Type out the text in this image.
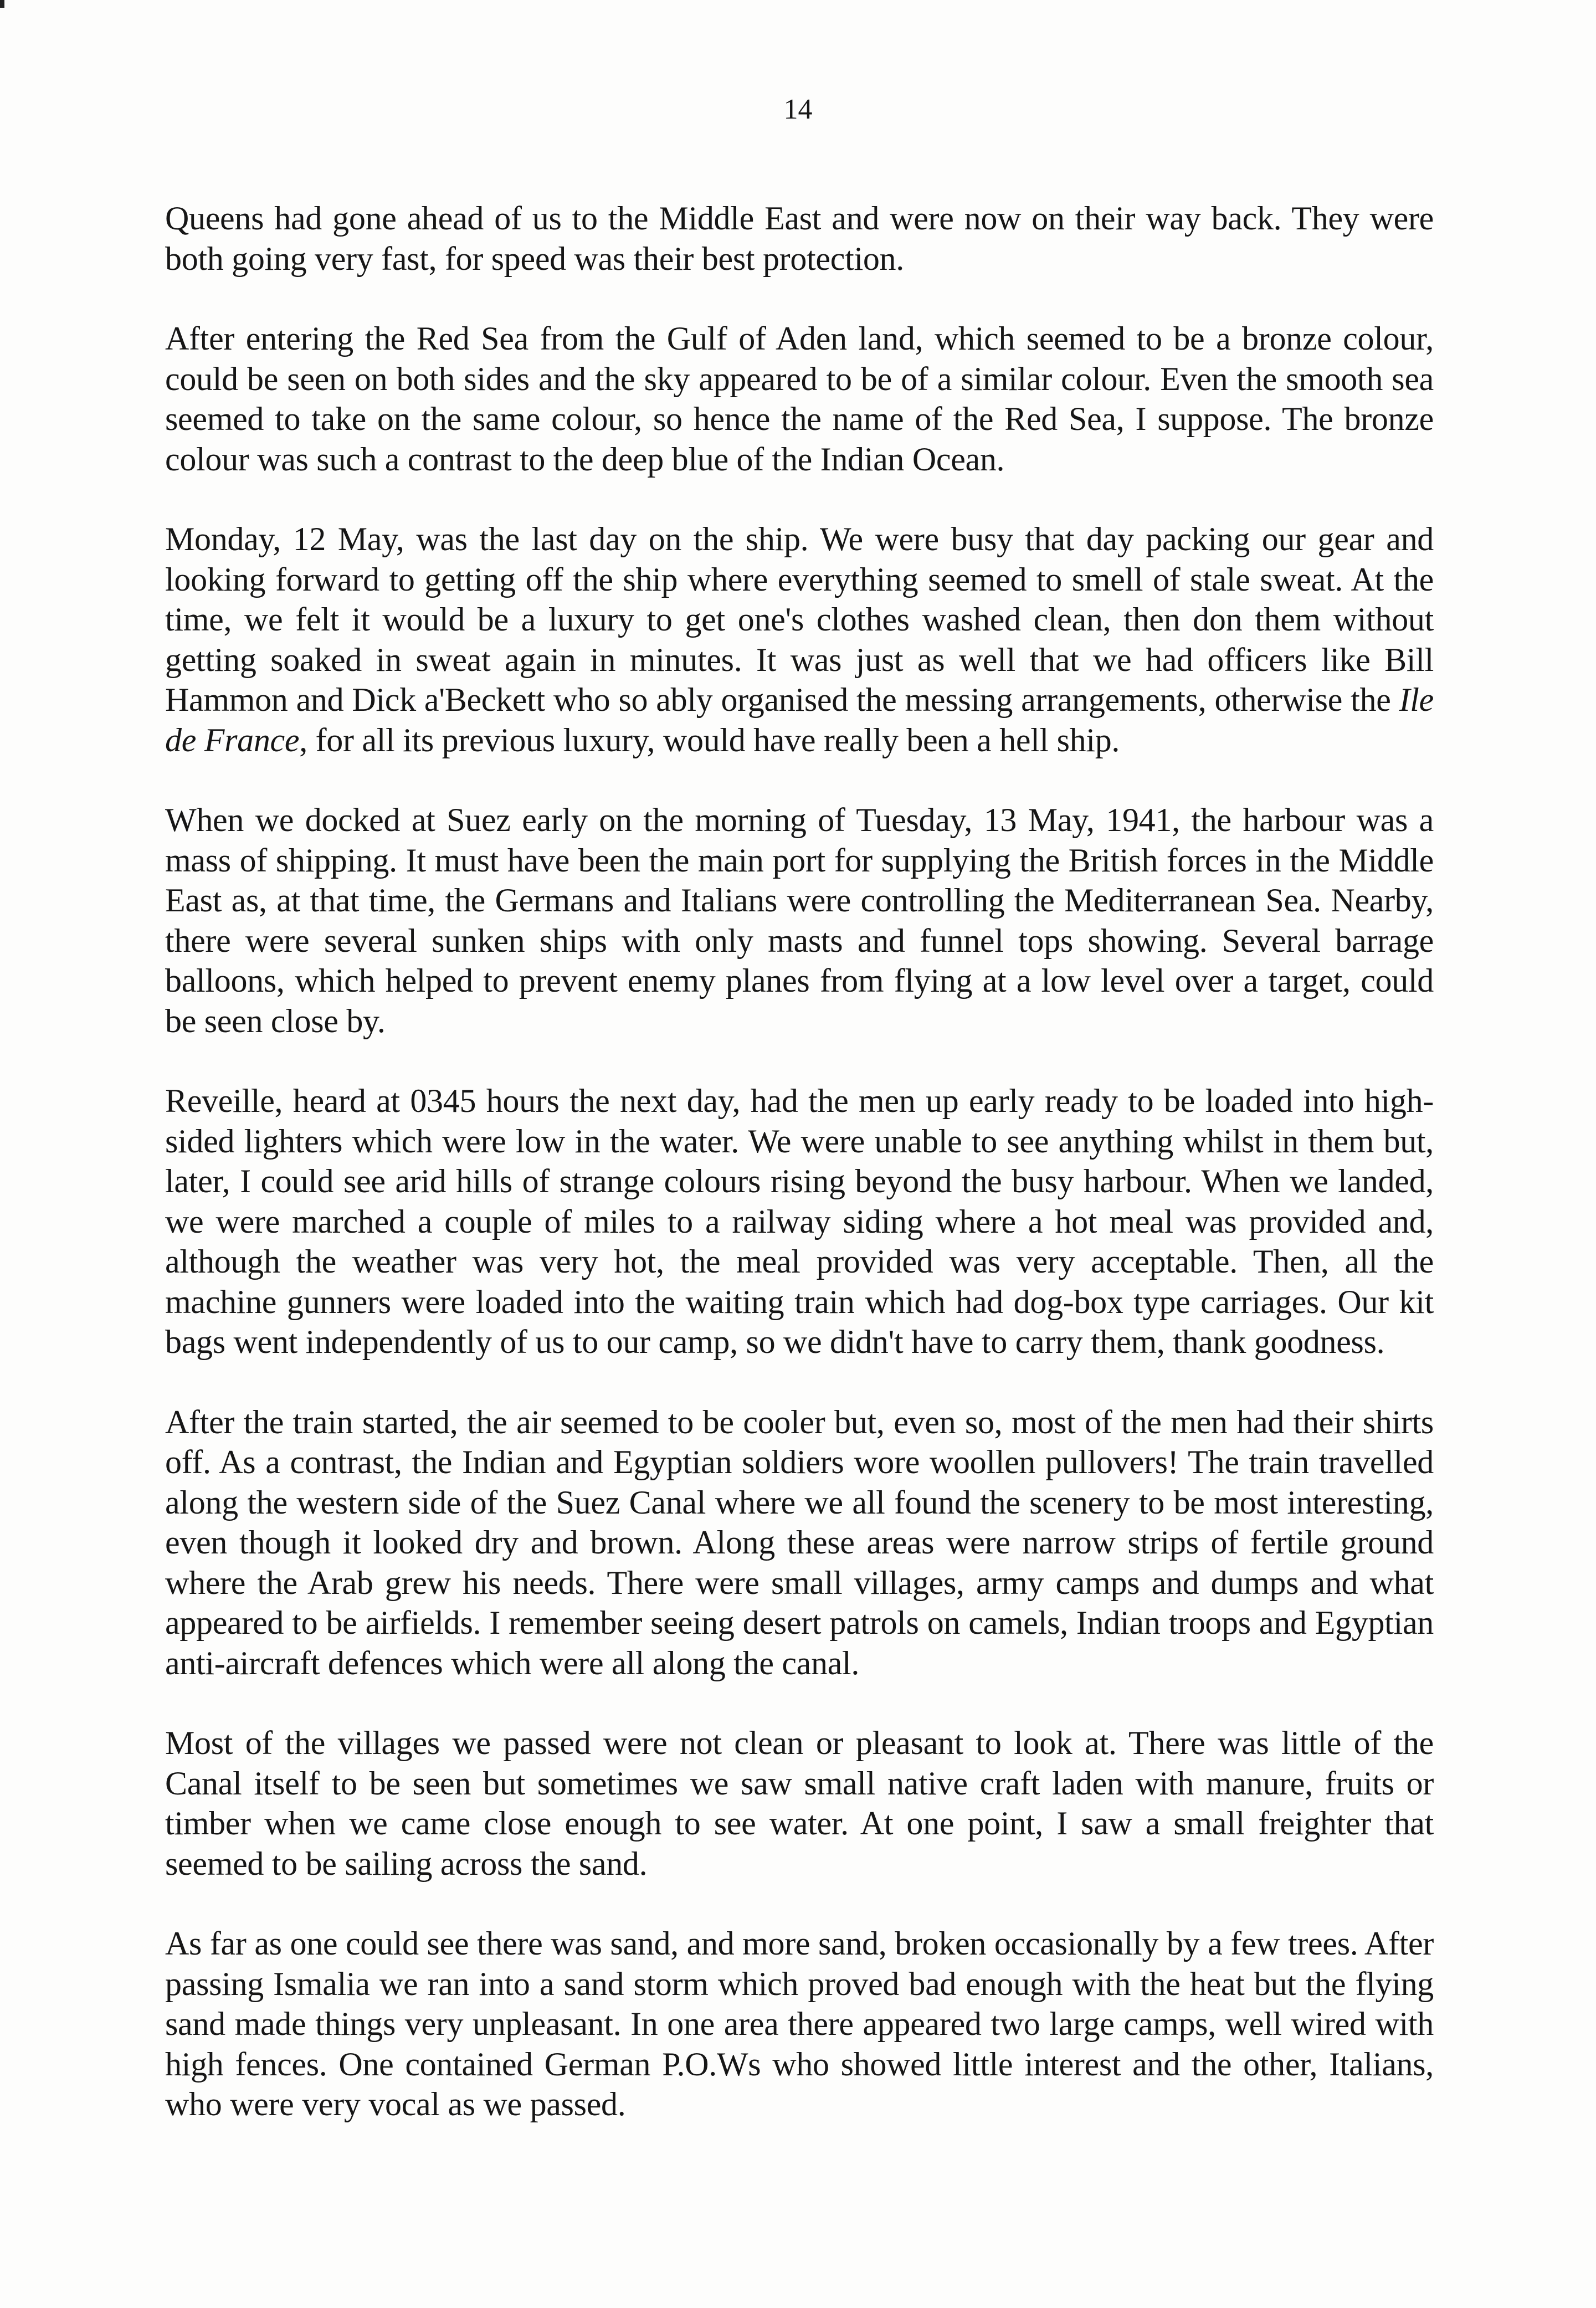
14

Queens had gone ahead of us to the Middle East and were now on their way back. They were both going very fast, for speed was their best protection.

After entering the Red Sea from the Gulf of Aden land, which seemed to be a bronze colour, could be seen on both sides and the sky appeared to be of a similar colour. Even the smooth sea seemed to take on the same colour, so hence the name of the Red Sea, I suppose. The bronze colour was such a contrast to the deep blue of the Indian Ocean.

Monday, 12 May, was the last day on the ship. We were busy that day packing our gear and looking forward to getting off the ship where everything seemed to smell of stale sweat. At the time, we felt it would be a luxury to get one's clothes washed clean, then don them without getting soaked in sweat again in minutes. It was just as well that we had officers like Bill Hammon and Dick a'Beckett who so ably organised the messing arrangements, otherwise the Ile de France, for all its previous luxury, would have really been a hell ship.

When we docked at Suez early on the morning of Tuesday, 13 May, 1941, the harbour was a mass of shipping. It must have been the main port for supplying the British forces in the Middle East as, at that time, the Germans and Italians were controlling the Mediterranean Sea. Nearby, there were several sunken ships with only masts and funnel tops showing. Several barrage balloons, which helped to prevent enemy planes from flying at a low level over a target, could be seen close by.

Reveille, heard at 0345 hours the next day, had the men up early ready to be loaded into high-sided lighters which were low in the water. We were unable to see anything whilst in them but, later, I could see arid hills of strange colours rising beyond the busy harbour. When we landed, we were marched a couple of miles to a railway siding where a hot meal was provided and, although the weather was very hot, the meal provided was very acceptable. Then, all the machine gunners were loaded into the waiting train which had dog-box type carriages. Our kit bags went independently of us to our camp, so we didn't have to carry them, thank goodness.

After the train started, the air seemed to be cooler but, even so, most of the men had their shirts off. As a contrast, the Indian and Egyptian soldiers wore woollen pullovers! The train travelled along the western side of the Suez Canal where we all found the scenery to be most interesting, even though it looked dry and brown. Along these areas were narrow strips of fertile ground where the Arab grew his needs. There were small villages, army camps and dumps and what appeared to be airfields. I remember seeing desert patrols on camels, Indian troops and Egyptian anti-aircraft defences which were all along the canal.

Most of the villages we passed were not clean or pleasant to look at. There was little of the Canal itself to be seen but sometimes we saw small native craft laden with manure, fruits or timber when we came close enough to see water. At one point, I saw a small freighter that seemed to be sailing across the sand.

As far as one could see there was sand, and more sand, broken occasionally by a few trees. After passing Ismalia we ran into a sand storm which proved bad enough with the heat but the flying sand made things very unpleasant. In one area there appeared two large camps, well wired with high fences. One contained German P.O.Ws who showed little interest and the other, Italians, who were very vocal as we passed.
